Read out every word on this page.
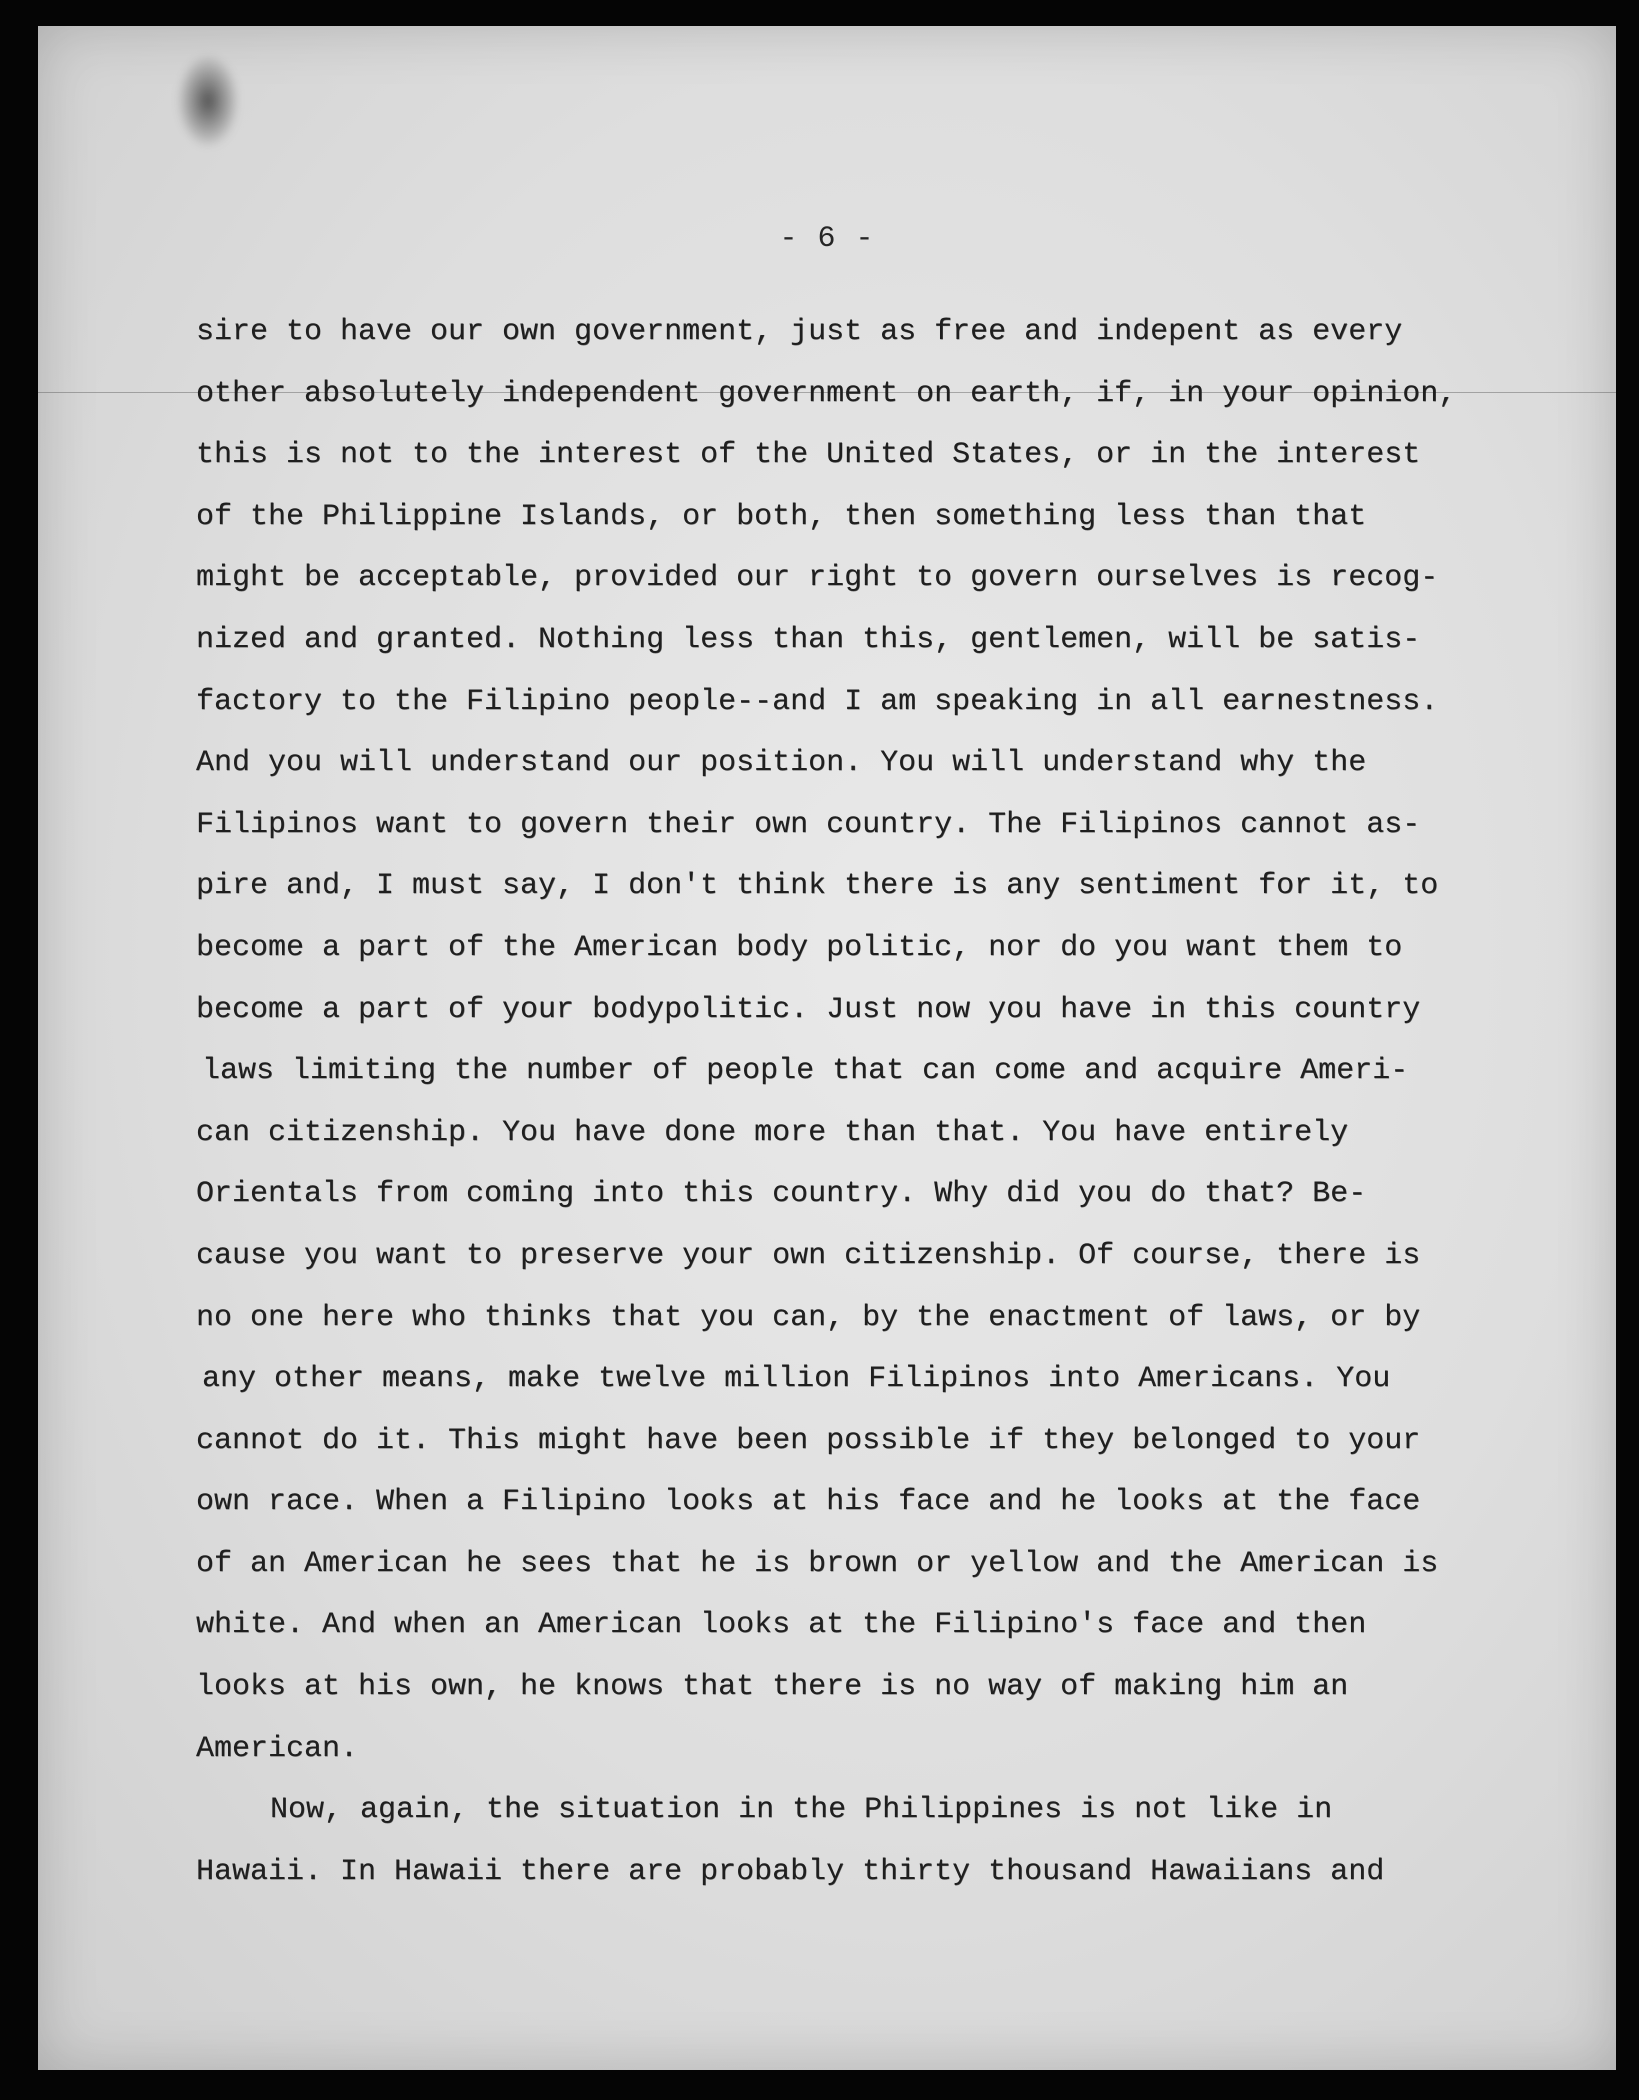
- 6 -
sire to have our own government, just as free and indepent as every
other absolutely independent government on earth, if, in your opinion,
this is not to the interest of the United States, or in the interest
of the Philippine Islands, or both, then something less than that
might be acceptable, provided our right to govern ourselves is recog-
nized and granted. Nothing less than this, gentlemen, will be satis-
factory to the Filipino people--and I am speaking in all earnestness.
And you will understand our position. You will understand why the
Filipinos want to govern their own country. The Filipinos cannot as-
pire and, I must say, I don't think there is any sentiment for it, to
become a part of the American body politic, nor do you want them to
become a part of your bodypolitic. Just now you have in this country
laws limiting the number of people that can come and acquire Ameri-
can citizenship. You have done more than that. You have entirely
Orientals from coming into this country. Why did you do that? Be-
cause you want to preserve your own citizenship. Of course, there is
no one here who thinks that you can, by the enactment of laws, or by
any other means, make twelve million Filipinos into Americans. You
cannot do it. This might have been possible if they belonged to your
own race. When a Filipino looks at his face and he looks at the face
of an American he sees that he is brown or yellow and the American is
white. And when an American looks at the Filipino's face and then
looks at his own, he knows that there is no way of making him an
American.
Now, again, the situation in the Philippines is not like in
Hawaii. In Hawaii there are probably thirty thousand Hawaiians and
